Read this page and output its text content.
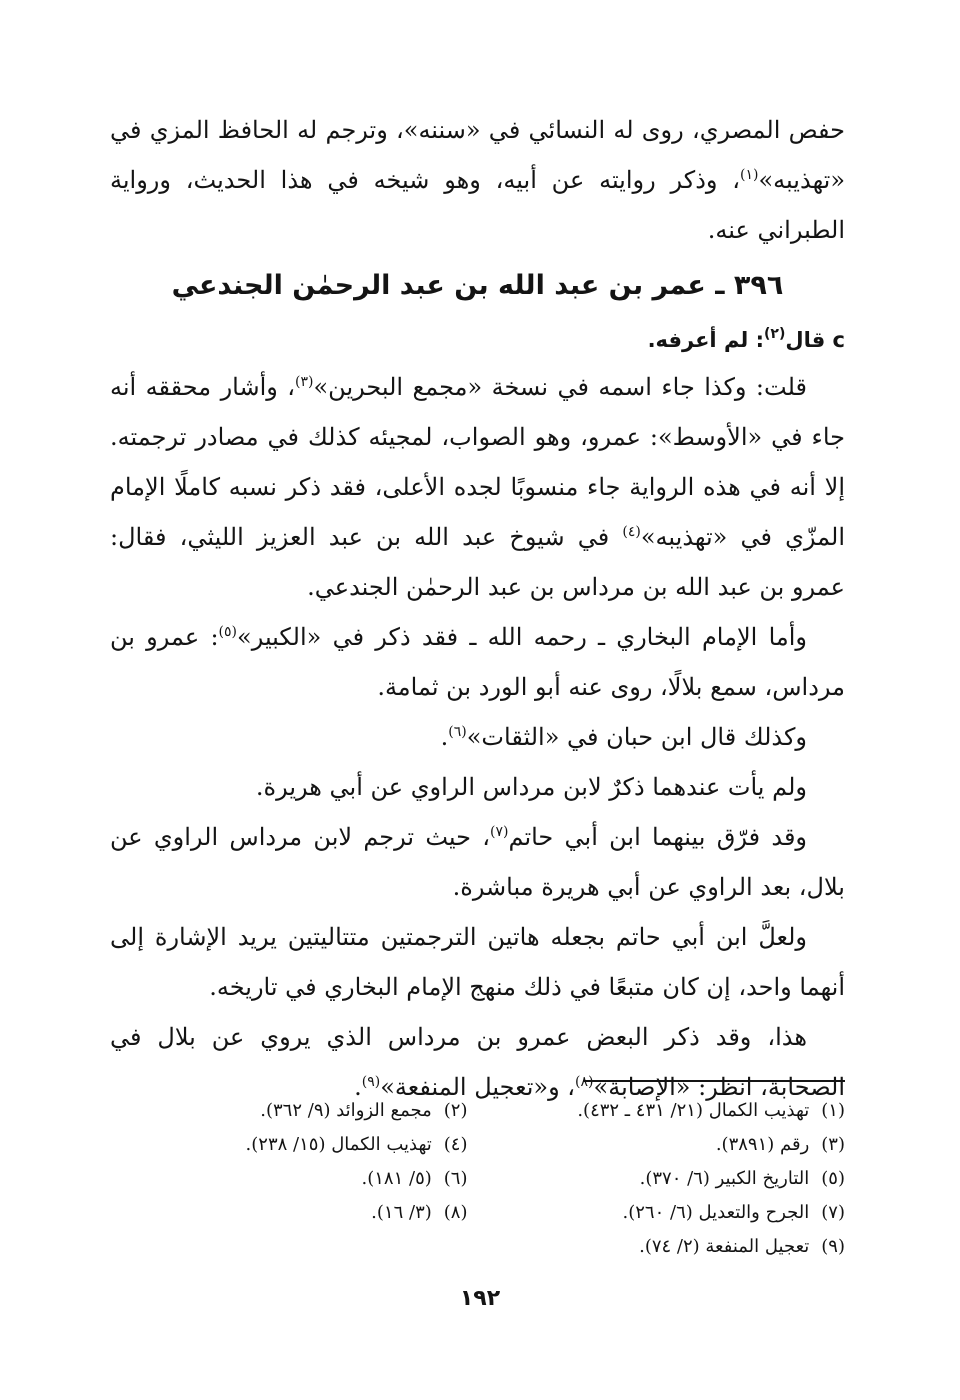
حفص المصري، روى له النسائي في «سننه»، وترجم له الحافظ المزي في «تهذيبه»$^{(١)}$، وذكر روايته عن أبيه، وهو شيخه في هذا الحديث، ورواية الطبراني عنه.
٣٩٦ ـ عمر بن عبد الله بن عبد الرحمٰن الجندعي
c قال$^{(٢)}$: لم أعرفه.

قلت: وكذا جاء اسمه في نسخة «مجمع البحرين»$^{(٣)}$، وأشار محققه أنه جاء في «الأوسط»: عمرو، وهو الصواب، لمجيئه كذلك في مصادر ترجمته. إلا أنه في هذه الرواية جاء منسوبًا لجده الأعلى، فقد ذكر نسبه كاملًا الإمام المزّي في «تهذيبه»$^{(٤)}$ في شيوخ عبد الله بن عبد العزيز الليثي، فقال: عمرو بن عبد الله بن مرداس بن عبد الرحمٰن الجندعي.

وأما الإمام البخاري ـ رحمه الله ـ فقد ذكر في «الكبير»$^{(٥)}$: عمرو بن مرداس، سمع بلالًا، روى عنه أبو الورد بن ثمامة.

وكذلك قال ابن حبان في «الثقات»$^{(٦)}$.

ولم يأت عندهما ذكرٌ لابن مرداس الراوي عن أبي هريرة.

وقد فرّق بينهما ابن أبي حاتم$^{(٧)}$، حيث ترجم لابن مرداس الراوي عن بلال، بعد الراوي عن أبي هريرة مباشرة.

ولعلَّ ابن أبي حاتم بجعله هاتين الترجمتين متتاليتين يريد الإشارة إلى أنهما واحد، إن كان متبعًا في ذلك منهج الإمام البخاري في تاريخه.

هذا، وقد ذكر البعض عمرو بن مرداس الذي يروي عن بلال في الصحابة، انظر: «الإصابة»$^{(٨)}$، و«تعجيل المنفعة»$^{(٩)}$.

(١)تهذيب الكمال (٢١/ ٤٣١ ـ ٤٣٢).
(٢)مجمع الزوائد (٩/ ٣٦٢).
(٣)رقم (٣٨٩١).
(٤)تهذيب الكمال (١٥/ ٢٣٨).
(٥)التاريخ الكبير (٦/ ٣٧٠).
(٦)(٥/ ١٨١).
(٧)الجرح والتعديل (٦/ ٢٦٠).
(٨)(٣/ ١٦).
(٩)تعجيل المنفعة (٢/ ٧٤).
١٩٢
